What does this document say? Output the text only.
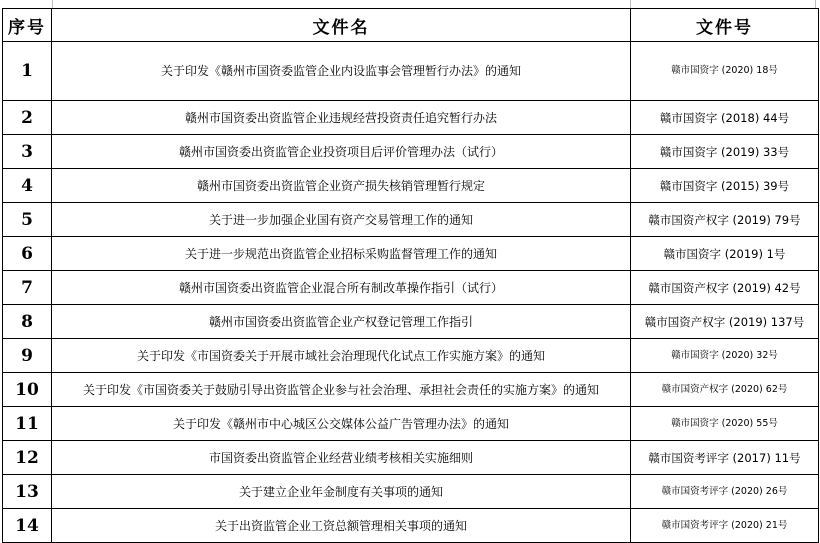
序号	文件名	文件号
1	关于印发《赣州市国资委监管企业内设监事会管理暂行办法》的通知	赣市国资字 (2020) 18号
2	赣州市国资委出资监管企业违规经营投资责任追究暂行办法	赣市国资字 (2018) 44号
3	赣州市国资委出资监管企业投资项目后评价管理办法（试行）	赣市国资字 (2019) 33号
4	赣州市国资委出资监管企业资产损失核销管理暂行规定	赣市国资字 (2015) 39号
5	关于进一步加强企业国有资产交易管理工作的通知	赣市国资产权字 (2019) 79号
6	关于进一步规范出资监管企业招标采购监督管理工作的通知	赣市国资字 (2019) 1号
7	赣州市国资委出资监管企业混合所有制改革操作指引（试行）	赣市国资产权字 (2019) 42号
8	赣州市国资委出资监管企业产权登记管理工作指引	赣市国资产权字 (2019) 137号
9	关于印发《市国资委关于开展市域社会治理现代化试点工作实施方案》的通知	赣市国资字 (2020) 32号
10	关于印发《市国资委关于鼓励引导出资监管企业参与社会治理、承担社会责任的实施方案》的通知	赣市国资产权字 (2020) 62号
11	关于印发《赣州市中心城区公交媒体公益广告管理办法》的通知	赣市国资字 (2020) 55号
12	市国资委出资监管企业经营业绩考核相关实施细则	赣市国资考评字 (2017) 11号
13	关于建立企业年金制度有关事项的通知	赣市国资考评字 (2020) 26号
14	关于出资监管企业工资总额管理相关事项的通知	赣市国资考评字 (2020) 21号
